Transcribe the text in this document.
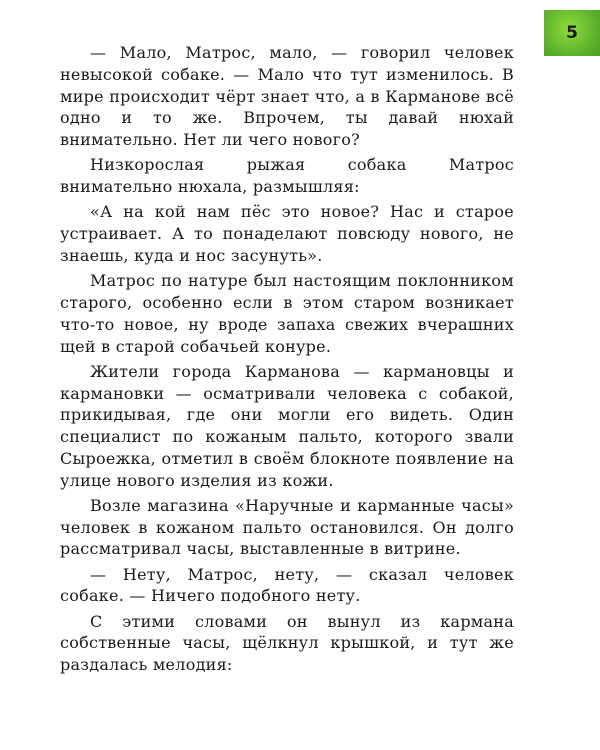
5

— Мало, Матрос, мало, — говорил человек невысокой собаке. — Мало что тут изменилось. В мире происходит чёрт знает что, а в Карманове всё одно и то же. Впрочем, ты давай нюхай внимательно. Нет ли чего нового?

Низкорослая рыжая собака Матрос внимательно нюхала, размышляя:

«А на кой нам пёс это новое? Нас и старое устраивает. А то понаделают повсюду нового, не знаешь, куда и нос засунуть».

Матрос по натуре был настоящим поклонником старого, особенно если в этом старом возникает что-то новое, ну вроде запаха свежих вчерашних щей в старой собачьей конуре.

Жители города Карманова — кармановцы и кармановки — осматривали человека с собакой, прикидывая, где они могли его видеть. Один специалист по кожаным пальто, которого звали Сыроежка, отметил в своём блокноте появление на улице нового изделия из кожи.

Возле магазина «Наручные и карманные часы» человек в кожаном пальто остановился. Он долго рассматривал часы, выставленные в витрине.

— Нету, Матрос, нету, — сказал человек собаке. — Ничего подобного нету.

С этими словами он вынул из кармана собственные часы, щёлкнул крышкой, и тут же раздалась мелодия:
